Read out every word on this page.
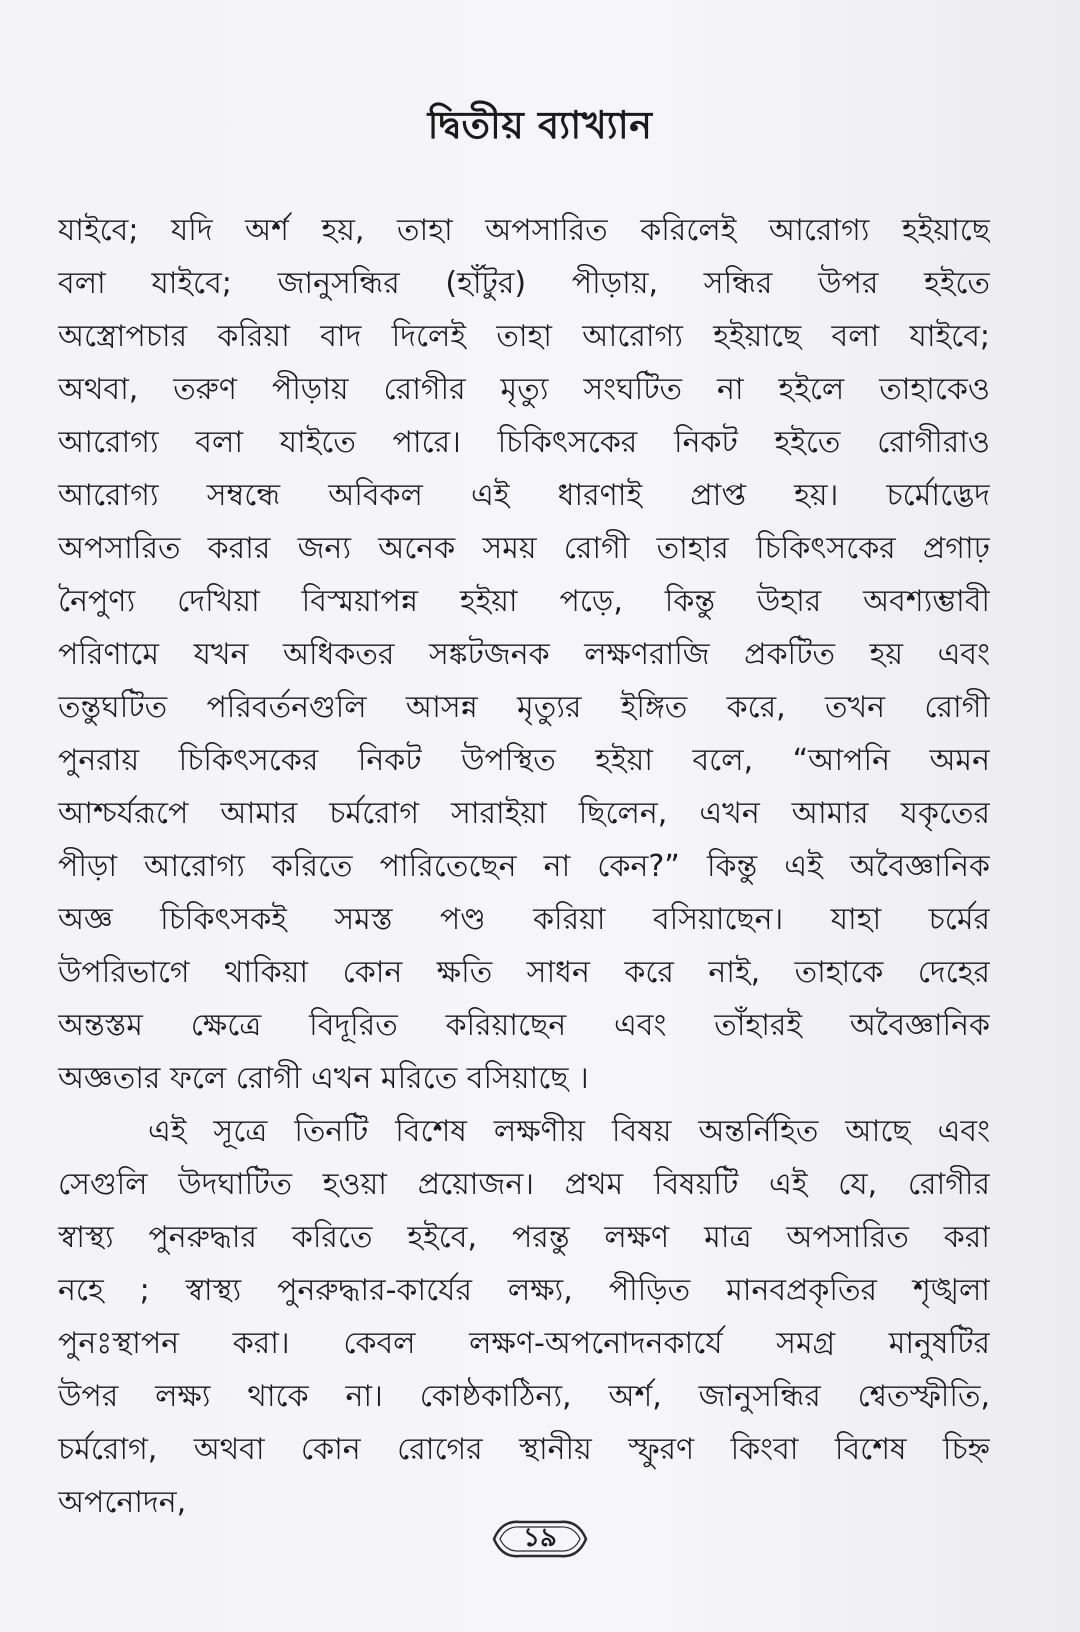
দ্বিতীয় ব্যাখ্যান
যাইবে; যদি অর্শ হয়, তাহা অপসারিত করিলেই আরোগ্য হইয়াছে
বলা যাইবে; জানুসন্ধির (হাঁটুর) পীড়ায়, সন্ধির উপর হইতে
অস্ত্রোপচার করিয়া বাদ দিলেই তাহা আরোগ্য হইয়াছে বলা যাইবে;
অথবা, তরুণ পীড়ায় রোগীর মৃত্যু সংঘটিত না হইলে তাহাকেও
আরোগ্য বলা যাইতে পারে। চিকিৎসকের নিকট হইতে রোগীরাও
আরোগ্য সম্বন্ধে অবিকল এই ধারণাই প্রাপ্ত হয়। চর্মোদ্ভেদ
অপসারিত করার জন্য অনেক সময় রোগী তাহার চিকিৎসকের প্রগাঢ়
নৈপুণ্য দেখিয়া বিস্ময়াপন্ন হইয়া পড়ে, কিন্তু উহার অবশ্যম্ভাবী
পরিণামে যখন অধিকতর সঙ্কটজনক লক্ষণরাজি প্রকটিত হয় এবং
তন্তুঘটিত পরিবর্তনগুলি আসন্ন মৃত্যুর ইঙ্গিত করে, তখন রোগী
পুনরায় চিকিৎসকের নিকট উপস্থিত হইয়া বলে, “আপনি অমন
আশ্চর্যরূপে আমার চর্মরোগ সারাইয়া ছিলেন, এখন আমার যকৃতের
পীড়া আরোগ্য করিতে পারিতেছেন না কেন?” কিন্তু এই অবৈজ্ঞানিক
অজ্ঞ চিকিৎসকই সমস্ত পণ্ড করিয়া বসিয়াছেন। যাহা চর্মের
উপরিভাগে থাকিয়া কোন ক্ষতি সাধন করে নাই, তাহাকে দেহের
অন্তস্তম ক্ষেত্রে বিদূরিত করিয়াছেন এবং তাঁহারই অবৈজ্ঞানিক
অজ্ঞতার ফলে রোগী এখন মরিতে বসিয়াছে ।
এই সূত্রে তিনটি বিশেষ লক্ষণীয় বিষয় অন্তর্নিহিত আছে এবং
সেগুলি উদঘাটিত হওয়া প্রয়োজন। প্রথম বিষয়টি এই যে, রোগীর
স্বাস্থ্য পুনরুদ্ধার করিতে হইবে, পরন্তু লক্ষণ মাত্র অপসারিত করা
নহে ; স্বাস্থ্য পুনরুদ্ধার-কার্যের লক্ষ্য, পীড়িত মানবপ্রকৃতির শৃঙ্খলা
পুনঃস্থাপন করা। কেবল লক্ষণ-অপনোদনকার্যে সমগ্র মানুষটির
উপর লক্ষ্য থাকে না। কোষ্ঠকাঠিন্য, অর্শ, জানুসন্ধির শ্বেতস্ফীতি,
চর্মরোগ, অথবা কোন রোগের স্থানীয় স্ফুরণ কিংবা বিশেষ চিহ্ন
অপনোদন,
১৯
